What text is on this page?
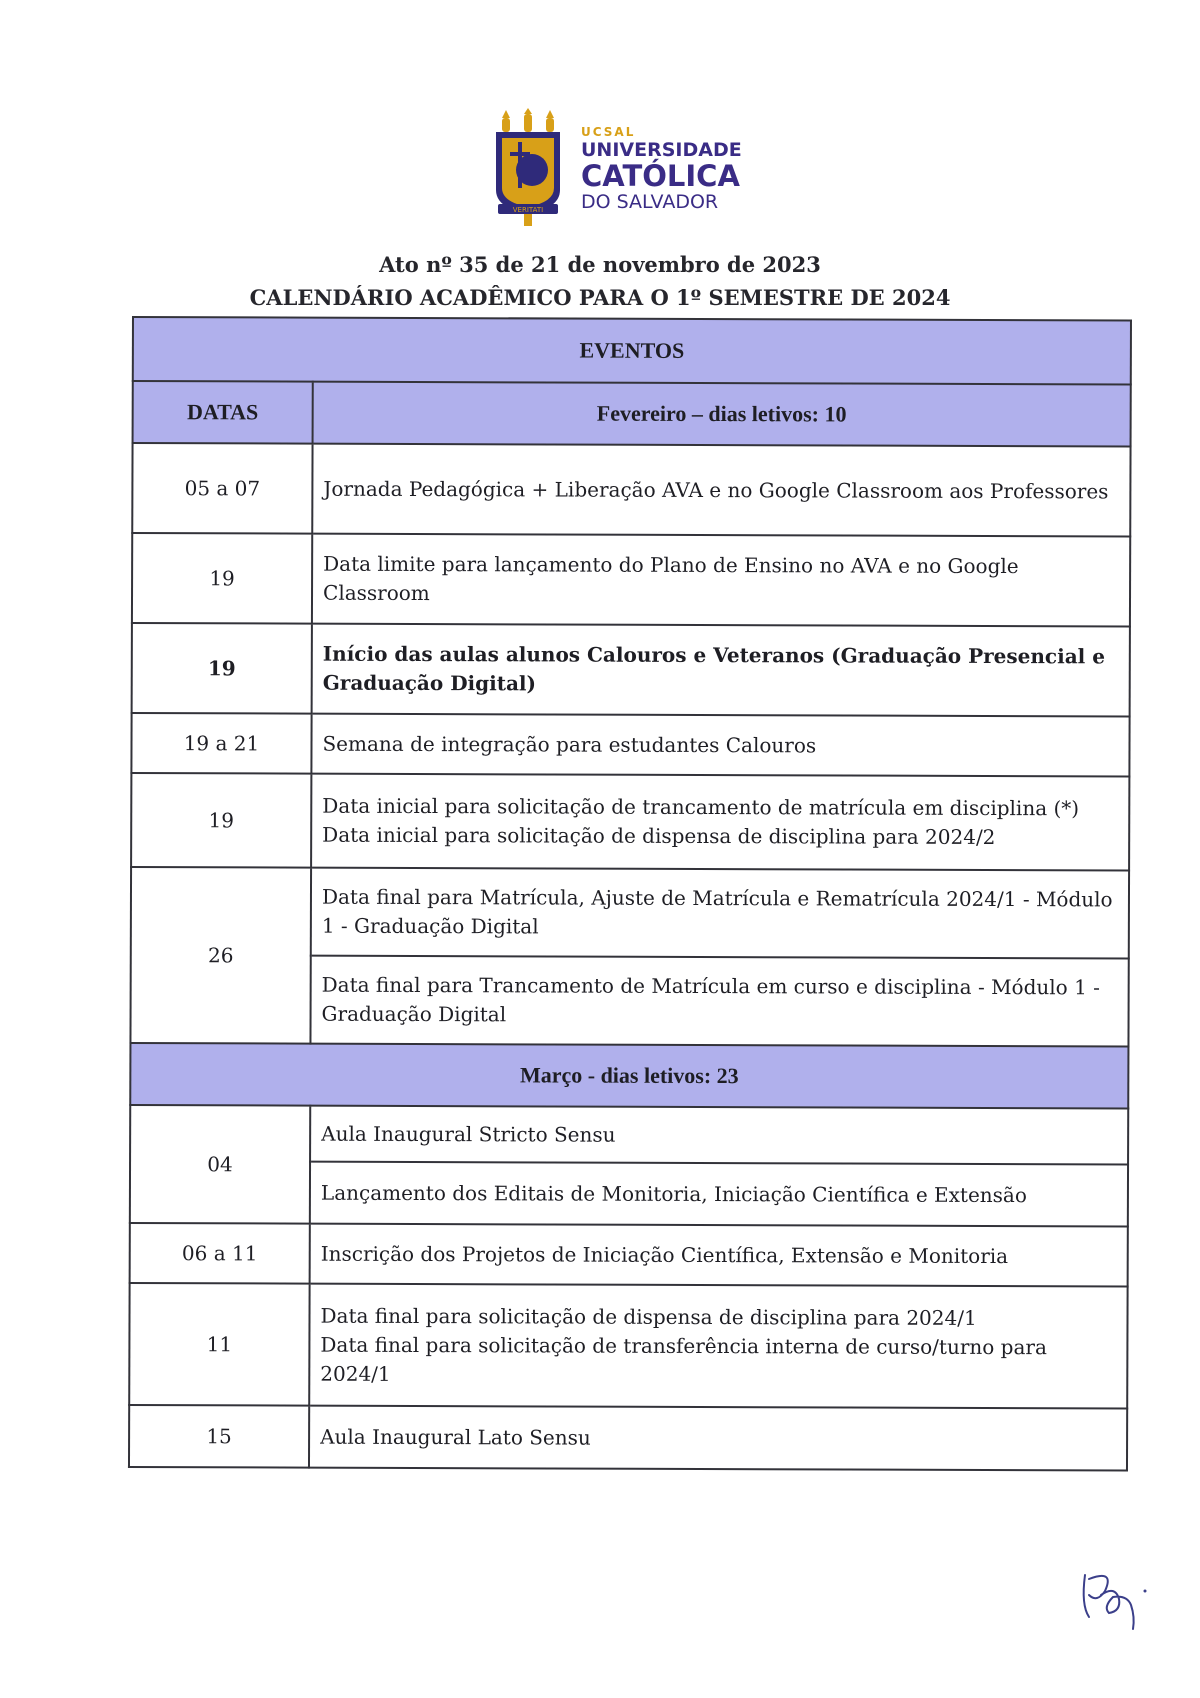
VERITATI
UCSAL
UNIVERSIDADE
CATÓLICA
DO SALVADOR
Ato nº 35 de 21 de novembro de 2023
CALENDÁRIO ACADÊMICO PARA O 1º SEMESTRE DE 2024
EVENTOS	
DATAS	Fevereiro – dias letivos: 10
05 a 07	Jornada Pedagógica + Liberação AVA e no Google Classroom aos Professores
19	Data limite para lançamento do Plano de Ensino no AVA e no Google Classroom
19	Início das aulas alunos Calouros e Veteranos (Graduação Presencial e Graduação Digital)
19 a 21	Semana de integração para estudantes Calouros
19	Data inicial para solicitação de trancamento de matrícula em disciplina (*)
Data inicial para solicitação de dispensa de disciplina para 2024/2

26	Data final para Matrícula, Ajuste de Matrícula e Rematrícula 2024/1 - Módulo 1 - Graduação Digital
	Data final para Trancamento de Matrícula em curso e disciplina - Módulo 1 - Graduação Digital
Março - dias letivos: 23	
04	Aula Inaugural Stricto Sensu
	Lançamento dos Editais de Monitoria, Iniciação Científica e Extensão
06 a 11	Inscrição dos Projetos de Iniciação Científica, Extensão e Monitoria
11	Data final para solicitação de dispensa de disciplina para 2024/1
Data final para solicitação de transferência interna de curso/turno para 2024/1

15	Aula Inaugural Lato Sensu
